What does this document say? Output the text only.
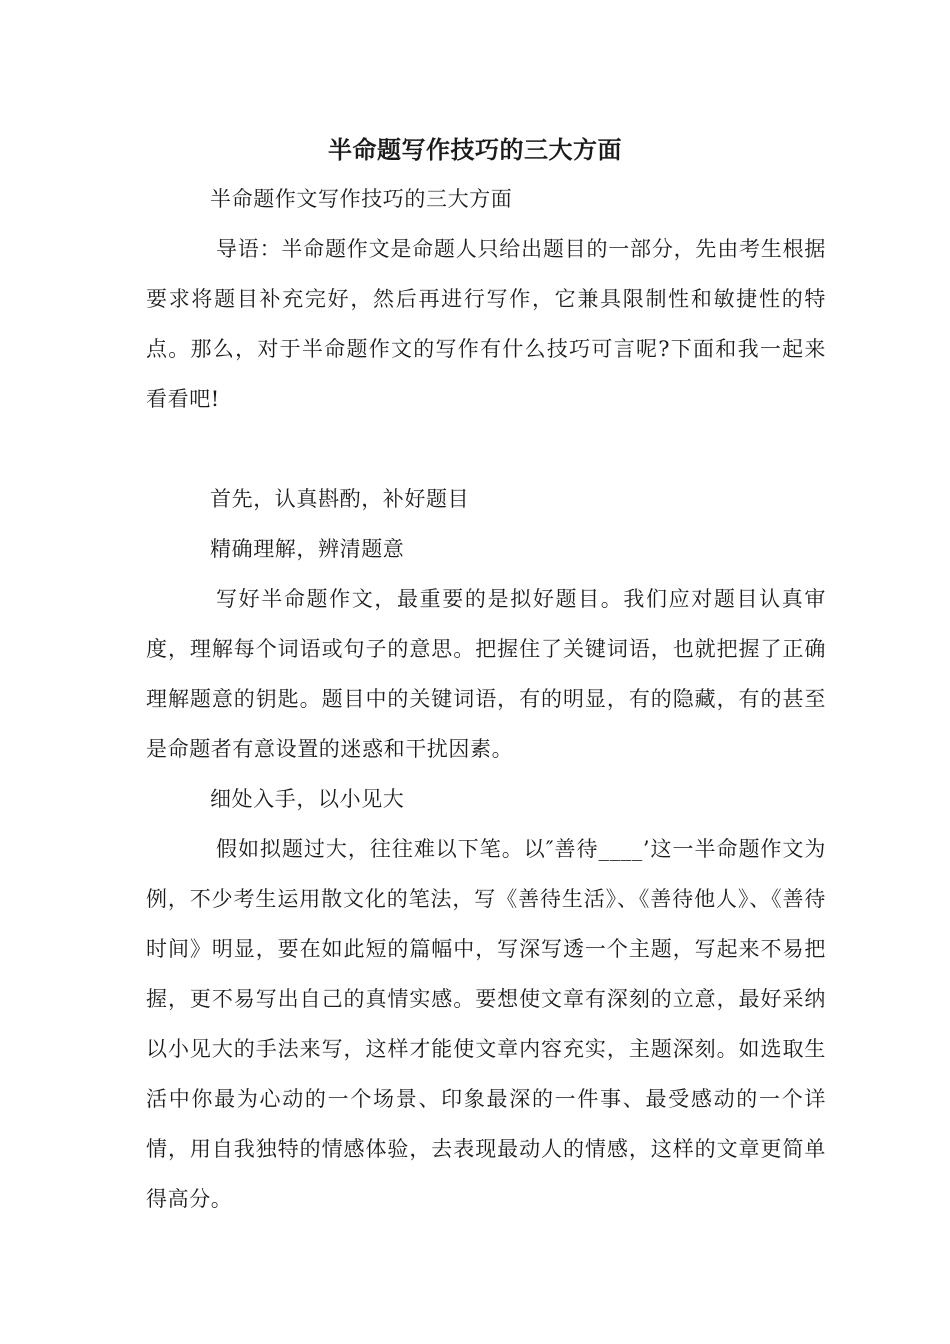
半命题写作技巧的三大方面

半命题作文写作技巧的三大方面

导语：半命题作文是命题人只给出题目的一部分，先由考生根据要求将题目补充完好，然后再进行写作，它兼具限制性和敏捷性的特点。那么，对于半命题作文的写作有什么技巧可言呢?下面和我一起来看看吧!

首先，认真斟酌，补好题目

精确理解，辨清题意

写好半命题作文，最重要的是拟好题目。我们应对题目认真审度，理解每个词语或句子的意思。把握住了关键词语，也就把握了正确理解题意的钥匙。题目中的关键词语，有的明显，有的隐藏，有的甚至是命题者有意设置的迷惑和干扰因素。

细处入手，以小见大

假如拟题过大，往往难以下笔。以″善待____’这一半命题作文为例，不少考生运用散文化的笔法，写《善待生活》、《善待他人》、《善待时间》明显，要在如此短的篇幅中，写深写透一个主题，写起来不易把握，更不易写出自己的真情实感。要想使文章有深刻的立意，最好采纳以小见大的手法来写，这样才能使文章内容充实，主题深刻。如选取生活中你最为心动的一个场景、印象最深的一件事、最受感动的一个详情，用自我独特的情感体验，去表现最动人的情感，这样的文章更简单得高分。
